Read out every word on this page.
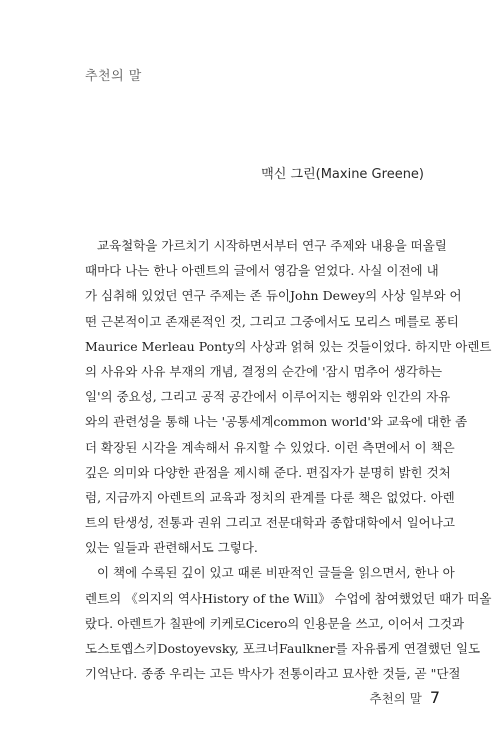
추천의 말
맥신 그린(Maxine Greene)
교육철학을 가르치기 시작하면서부터 연구 주제와 내용을 떠올릴
때마다 나는 한나 아렌트의 글에서 영감을 얻었다. 사실 이전에 내
가 심취해 있었던 연구 주제는 존 듀이John Dewey의 사상 일부와 어
떤 근본적이고 존재론적인 것, 그리고 그중에서도 모리스 메를로 퐁티
Maurice Merleau Ponty의 사상과 얽혀 있는 것들이었다. 하지만 아렌트
의 사유와 사유 부재의 개념, 결정의 순간에 '잠시 멈추어 생각하는
일'의 중요성, 그리고 공적 공간에서 이루어지는 행위와 인간의 자유
와의 관련성을 통해 나는 '공통세계common world'와 교육에 대한 좀
더 확장된 시각을 계속해서 유지할 수 있었다. 이런 측면에서 이 책은
깊은 의미와 다양한 관점을 제시해 준다. 편집자가 분명히 밝힌 것처
럼, 지금까지 아렌트의 교육과 정치의 관계를 다룬 책은 없었다. 아렌
트의 탄생성, 전통과 권위 그리고 전문대학과 종합대학에서 일어나고
있는 일들과 관련해서도 그렇다.
이 책에 수록된 깊이 있고 때론 비판적인 글들을 읽으면서, 한나 아
렌트의 《의지의 역사History of the Will》 수업에 참여했었던 때가 떠올
랐다. 아렌트가 칠판에 키케로Cicero의 인용문을 쓰고, 이어서 그것과
도스토옙스키Dostoyevsky, 포크너Faulkner를 자유롭게 연결했던 일도
기억난다. 종종 우리는 고든 박사가 전통이라고 묘사한 것들, 곧 "단절
추천의 말 7
